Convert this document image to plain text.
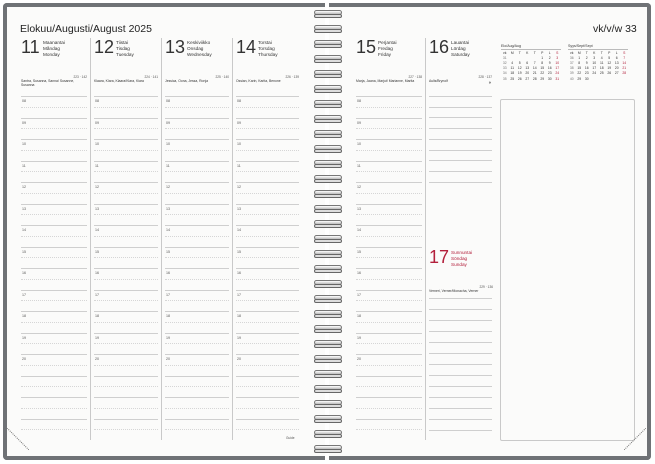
Elokuu/Augusti/August 2025	vk/v/w 33
11 Maanantai
Måndag
Monday
223 · 142
Santra, Susanna, Sanna/ Susanne, Susanna
08
09
10
11
12
13
14
15
16
17
18
19
20
12 Tiistai
Tisdag
Tuesday
224 · 141
Klaara, Klara, Klaara/Klara, Kiara
08
09
10
11
12
13
14
15
16
17
18
19
20
13 Keskiviikko
Onsdag
Wednesday
225 · 140
Jessica, Oona, Jessa, Ronja
08
09
10
11
12
13
14
15
16
17
18
19
20
14 Torstai
Torsdag
Thursday
226 · 139
Ossian, Karin, Karita, Benone
08
09
10
11
12
13
14
15
16
17
18
19
20
15 Perjantai
Fredag
Friday
227 · 138
Marja, Jaana, Marjut/ Marianne, Marita
08
09
10
11
12
13
14
15
16
17
18
19
20
16 Lauantai
Lördag
Saturday
228 · 137
Aulis/Brynolf	◑
17 Sunnuntai
Söndag
Sunday
229 · 136
Verneri, Verner/Monacha, Verner
Elo/Aug/Aug
vk	M	T	K	T	P	L	S
31					1	2	3
32	4	5	6	7	8	9	10
33	11	12	13	14	15	16	17
34	18	19	20	21	22	23	24
35	25	26	27	28	29	30	31
Syys/Sept/Sept
vk	M	T	K	T	P	L	S
36	1	2	3	4	5	6	7
37	8	9	10	11	12	13	14
38	15	16	17	18	19	20	21
39	22	23	24	25	26	27	28
40	29	30					
Guide
